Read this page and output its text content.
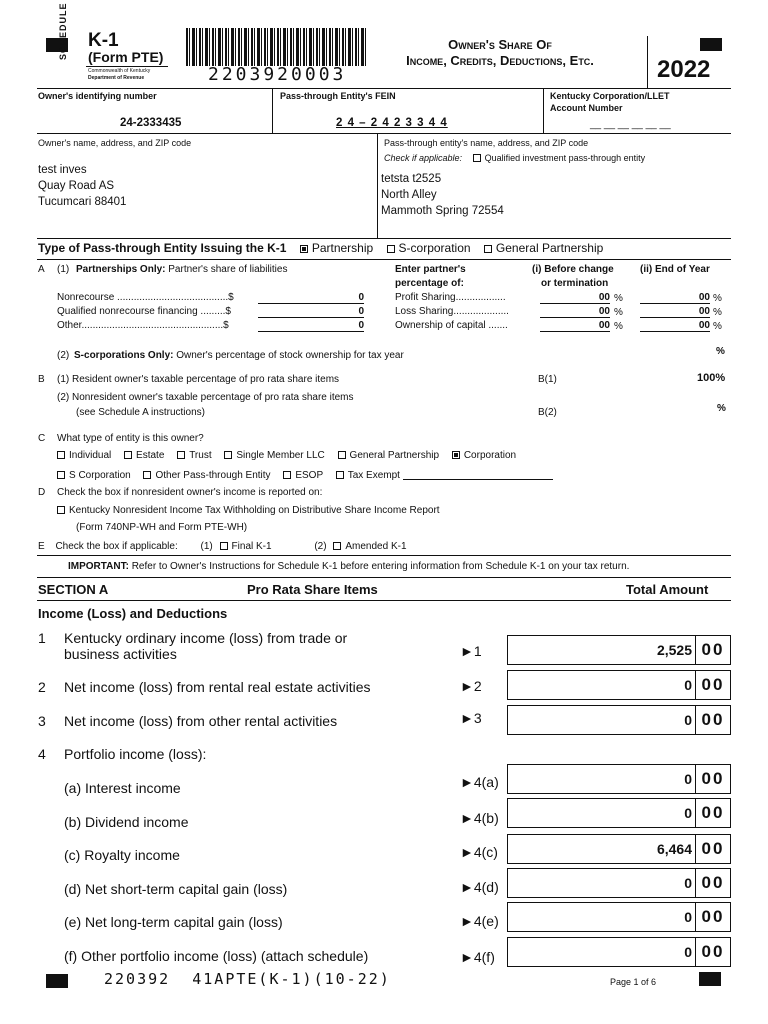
SCHEDULE K-1
(Form PTE)
Commonwealth of Kentucky
Department of Revenue	2203920003
Owner's Share Of
Income, Credits, Deductions, Etc.	2022
Owner's identifying number
24-2333435
Pass-through Entity's FEIN
2 4 – 2 4 2 3 3 4 4
Kentucky Corporation/LLET
Account Number
__ __ __ __ __ __
Owner's name, address, and ZIP code
test inves
Quay Road AS
Tucumcari 88401
Pass-through entity's name, address, and ZIP code
Check if applicable:	Qualified investment pass-through entity
tetsta t2525
North Alley
Mammoth Spring 72554
Type of Pass-through Entity Issuing the K-1 Partnership S-corporation General Partnership
A (1) Partnerships Only: Partner's share of liabilities	Enter partner's
percentage of:
(i) Before change
or termination
(ii) End of Year
Nonrecourse ........................................$	0	Profit Sharing..................	00 %	00 %
Qualified nonrecourse financing .........$	0	Loss Sharing....................	00 %	00 %
Other...................................................$	0	Ownership of capital .......	00 %	00 %
(2) S-corporations Only: Owner's percentage of stock ownership for tax year	%
B (1) Resident owner's taxable percentage of pro rata share items	B(1)	100%
(2) Nonresident owner's taxable percentage of pro rata share items
(see Schedule A instructions)	B(2)	%
C What type of entity is this owner?
Individual Estate Trust Single Member LLC General Partnership Corporation
S Corporation Other Pass-through Entity ESOP Tax Exempt
D Check the box if nonresident owner's income is reported on:
Kentucky Nonresident Income Tax Withholding on Distributive Share Income Report
(Form 740NP-WH and Form PTE-WH)
E Check the box if applicable: (1) Final K-1	(2) Amended K-1
IMPORTANT: Refer to Owner's Instructions for Schedule K-1 before entering information from Schedule K-1 on your tax return.
SECTION A	Pro Rata Share Items	Total Amount
Income (Loss) and Deductions
1 Kentucky ordinary income (loss) from trade or business activities	►1	2,525 00
2 Net income (loss) from rental real estate activities	►2	0 00
3 Net income (loss) from other rental activities	►3	0 00
4 Portfolio income (loss):
(a) Interest income	►4(a)	0 00
(b) Dividend income	►4(b)	0 00
(c) Royalty income	►4(c)	6,464 00
(d) Net short-term capital gain (loss)	►4(d)	0 00
(e) Net long-term capital gain (loss)	►4(e)	0 00
(f) Other portfolio income (loss) (attach schedule)	►4(f)	0 00
220392  41APTE(K-1)(10-22)	Page 1 of 6
